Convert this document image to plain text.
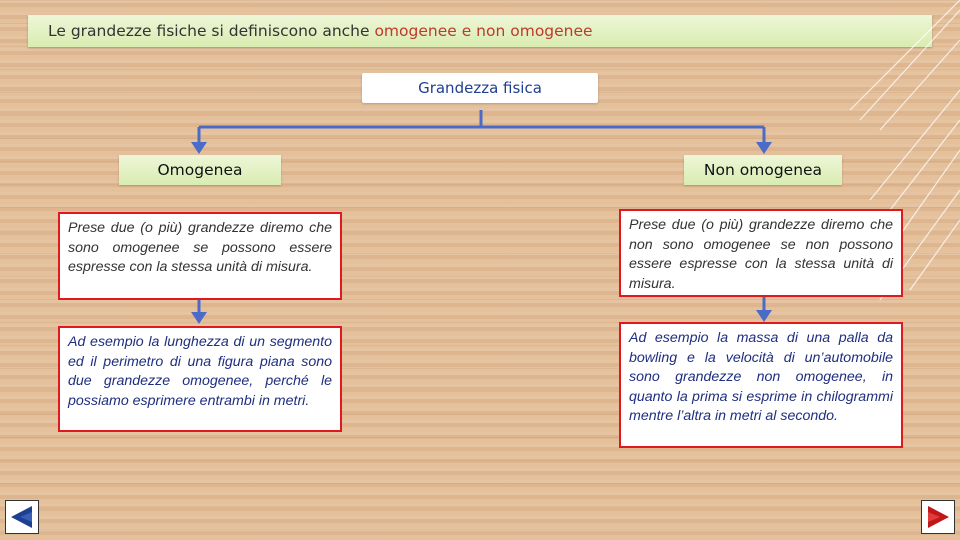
Le grandezze fisiche si definiscono anche omogenee e non omogenee
Grandezza fisica
Omogenea	Non omogenea
Prese due (o più) grandezze diremo che sono omogenee se possono essere espresse con la stessa unità di misura.
Prese due (o più) grandezze diremo che non sono omogenee se non possono essere espresse con la stessa unità di misura.
Ad esempio la lunghezza di un segmento ed il perimetro di una figura piana sono due grandezze omogenee, perché le possiamo esprimere entrambi in metri.
Ad esempio la massa di una palla da bowling e la velocità di un’automobile sono grandezze non omogenee, in quanto la prima si esprime in chilogrammi mentre l’altra in metri al secondo.
